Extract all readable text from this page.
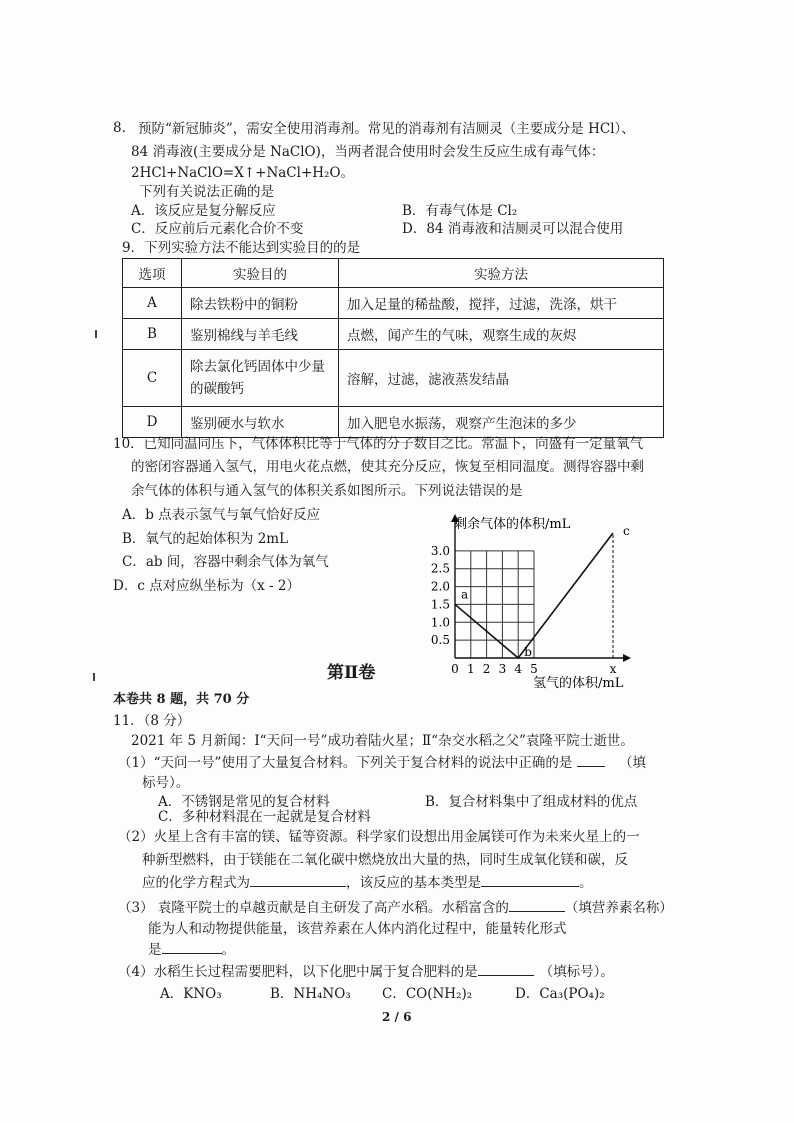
8. 预防“新冠肺炎”，需安全使用消毒剂。常见的消毒剂有洁厕灵（主要成分是 HCl）、
84 消毒液(主要成分是 NaClO)，当两者混合使用时会发生反应生成有毒气体：
2HCl+NaClO=X↑+NaCl+H₂O。
下列有关说法正确的是
A．该反应是复分解反应	B．有毒气体是 Cl₂
C．反应前后元素化合价不变	D．84 消毒液和洁厕灵可以混合使用
9．下列实验方法不能达到实验目的的是
选项	实验目的	实验方法
A	除去铁粉中的铜粉	加入足量的稀盐酸，搅拌，过滤，洗涤，烘干
B	鉴别棉线与羊毛线	点燃，闻产生的气味，观察生成的灰烬
C	除去氯化钙固体中少量的碳酸钙	溶解，过滤，滤液蒸发结晶
D	鉴别硬水与软水	加入肥皂水振荡，观察产生泡沫的多少
10．已知同温同压下，气体体积比等于气体的分子数目之比。常温下，向盛有一定量氧气
的密闭容器通入氢气，用电火花点燃，使其充分反应，恢复至相同温度。测得容器中剩
余气体的体积与通入氢气的体积关系如图所示。下列说法错误的是
A．b 点表示氢气与氧气恰好反应
B．氧气的起始体积为 2mL
C．ab 间，容器中剩余气体为氧气
D．c 点对应纵坐标为（x - 2）
0 1 2 3 4 5	x
0.5
1.0
1.5
2.0
2.5
3.0
a
b
c
剩余气体的体积/mL
氢气的体积/mL
第Ⅱ卷
本卷共 8 题，共 70 分
11．（8 分）
2021 年 5 月新闻：Ⅰ“天问一号”成功着陆火星；Ⅱ“杂交水稻之父”袁隆平院士逝世。
（1）“天问一号”使用了大量复合材料。下列关于复合材料的说法中正确的是	（填
标号）。
A．不锈钢是常见的复合材料	B．复合材料集中了组成材料的优点
C．多种材料混在一起就是复合材料
（2）火星上含有丰富的镁、锰等资源。科学家们设想出用金属镁可作为未来火星上的一
种新型燃料，由于镁能在二氧化碳中燃烧放出大量的热，同时生成氧化镁和碳，反
应的化学方程式为	，该反应的基本类型是	。
（3） 袁隆平院士的卓越贡献是自主研发了高产水稻。水稻富含的	（填营养素名称）
能为人和动物提供能量，该营养素在人体内消化过程中，能量转化形式
是	。
（4）水稻生长过程需要肥料，以下化肥中属于复合肥料的是	（填标号）。
A．KNO₃	B．NH₄NO₃ C．CO(NH₂)₂	D．Ca₃(PO₄)₂
2 / 6
